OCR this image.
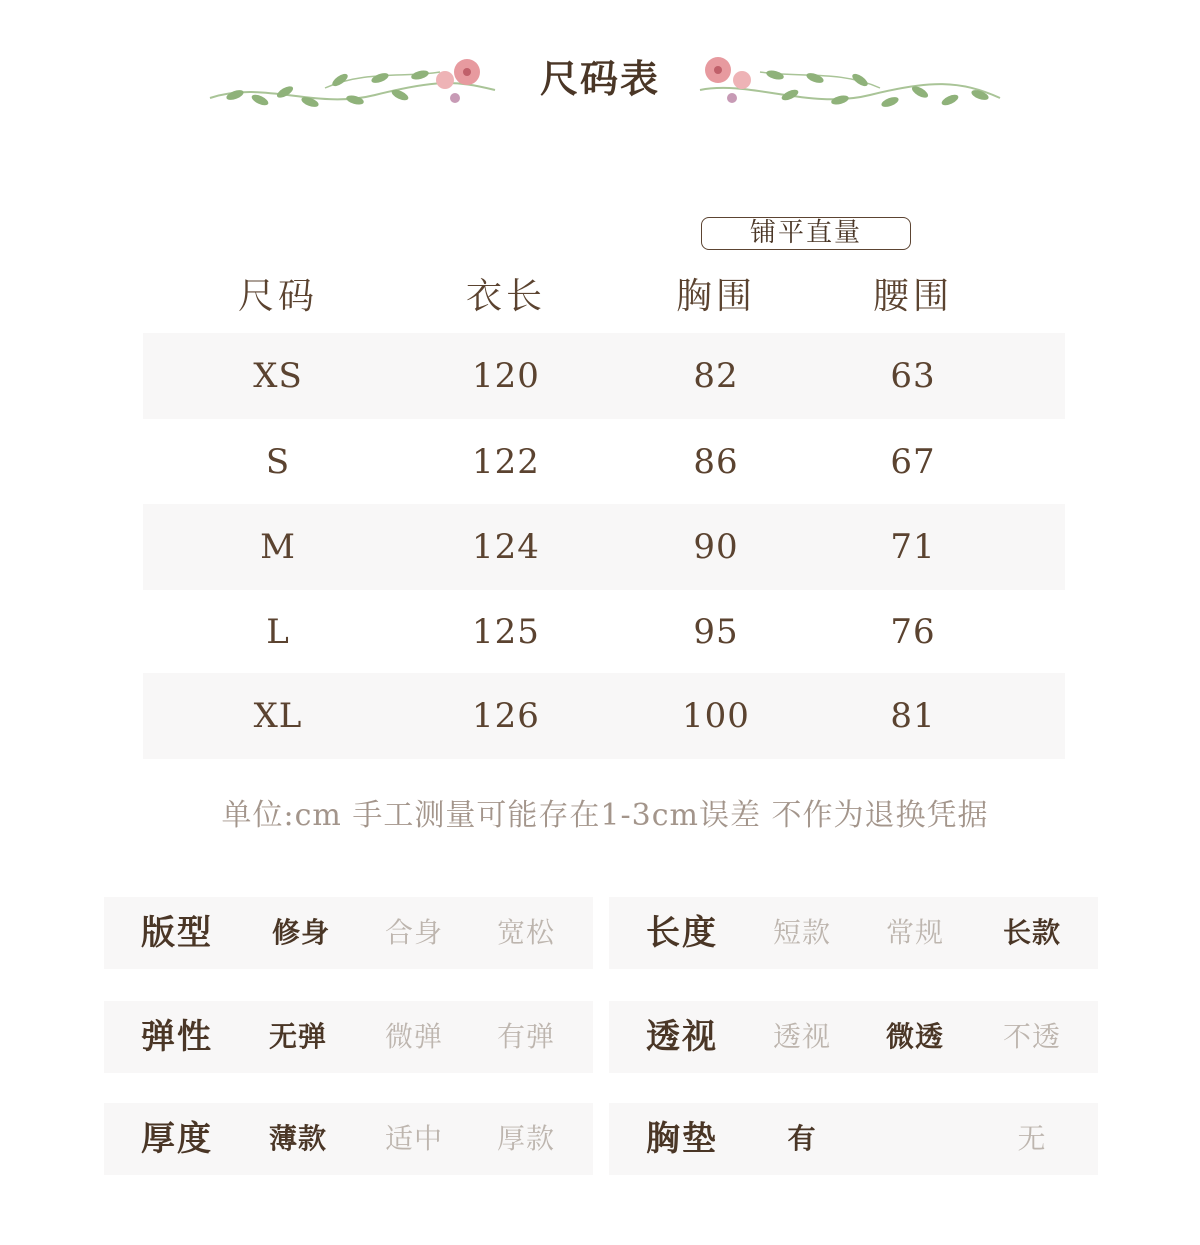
尺码表
铺平直量
尺码	衣长	胸围	腰围
XS	120	82	63
S	122	86	67
M	124	90	71
L	125	95	76
XL	126	100	81
单位:cm 手工测量可能存在1-3cm误差 不作为退换凭据
版型	修身	合身	宽松	长度	短款	常规	长款
弹性	无弹	微弹	有弹	透视	透视	微透	不透
厚度	薄款	适中	厚款	胸垫	有	无
